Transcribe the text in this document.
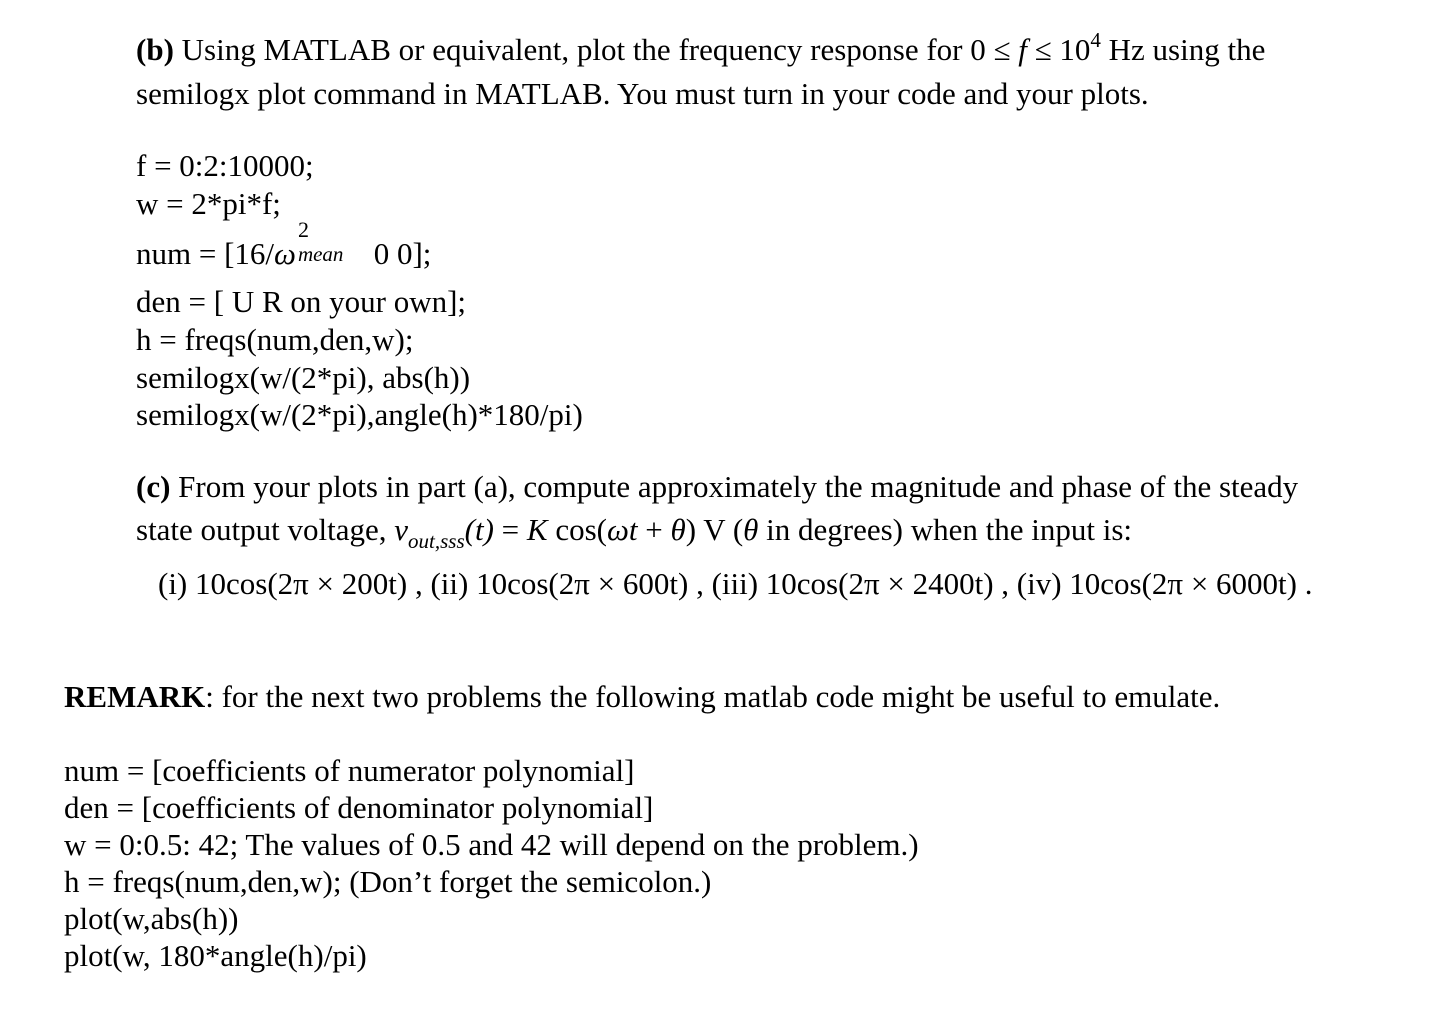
(b) Using MATLAB or equivalent, plot the frequency response for $0 \le f \le 10^4$ Hz using the
semilogx plot command in MATLAB. You must turn in your code and your plots.
f = 0:2:10000;
w = 2*pi*f;
num = [16/ω
2
mean 0 0];
den = [ U R on your own];
h = freqs(num,den,w);
semilogx(w/(2*pi), abs(h))
semilogx(w/(2*pi),angle(h)*180/pi)
(c) From your plots in part (a), compute approximately the magnitude and phase of the steady
state output voltage, $v_{out,sss}(t) = K$ cos(ωt + θ) V (θ in degrees) when the input is:
(i) 10cos(2π × 200t) , (ii) 10cos(2π × 600t) , (iii) 10cos(2π × 2400t) , (iv) 10cos(2π × 6000t) .
REMARK: for the next two problems the following matlab code might be useful to emulate.
num = [coefficients of numerator polynomial]
den = [coefficients of denominator polynomial]
w = 0:0.5: 42; The values of 0.5 and 42 will depend on the problem.)
h = freqs(num,den,w); (Don’t forget the semicolon.)
plot(w,abs(h))
plot(w, 180*angle(h)/pi)
